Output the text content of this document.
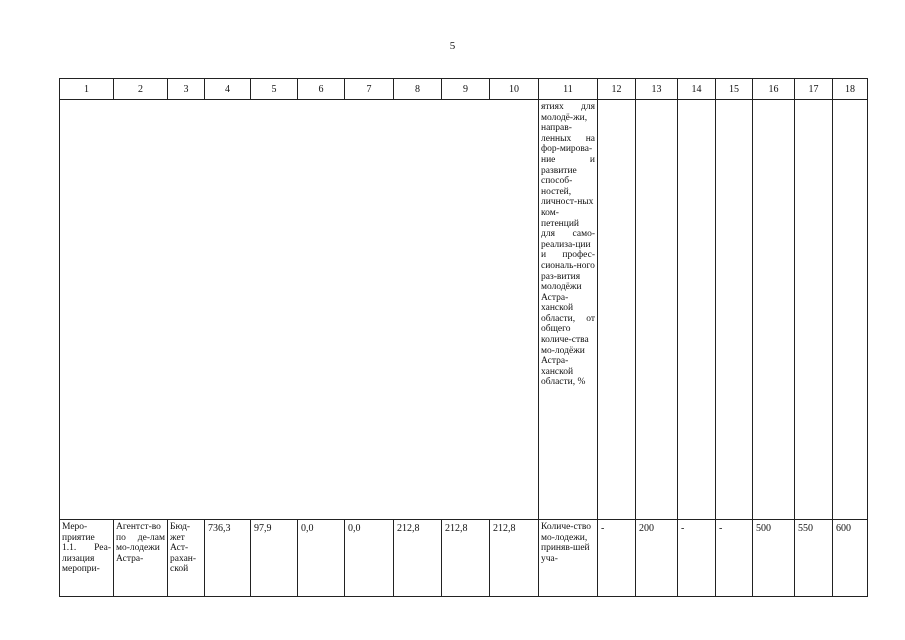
5
1	2	3	4	5	6	7	8	9	10	11	12	13	14	15	16	17	18

										ятиях для молодё-жи, направ-ленных на фор-мирова-ние и развитие способ-ностей, личност-ных ком-петенций для само-реализа-ции и профес-сиональ-ного раз-вития молодёжи Астра-ханской области, от общего количе-ства мо-лодёжи Астра-ханской области, %							

Меро-приятие 1.1. Реа-лизация меропри-	Агентст-во по де-лам мо-лодежи Астра-	Бюд-жет Аст-рахан-ской	736,3	97,9	0,0	0,0	212,8	212,8	212,8	Количе-ство мо-лодежи, приняв-шей уча-	-	200	-	-	500	550	600
